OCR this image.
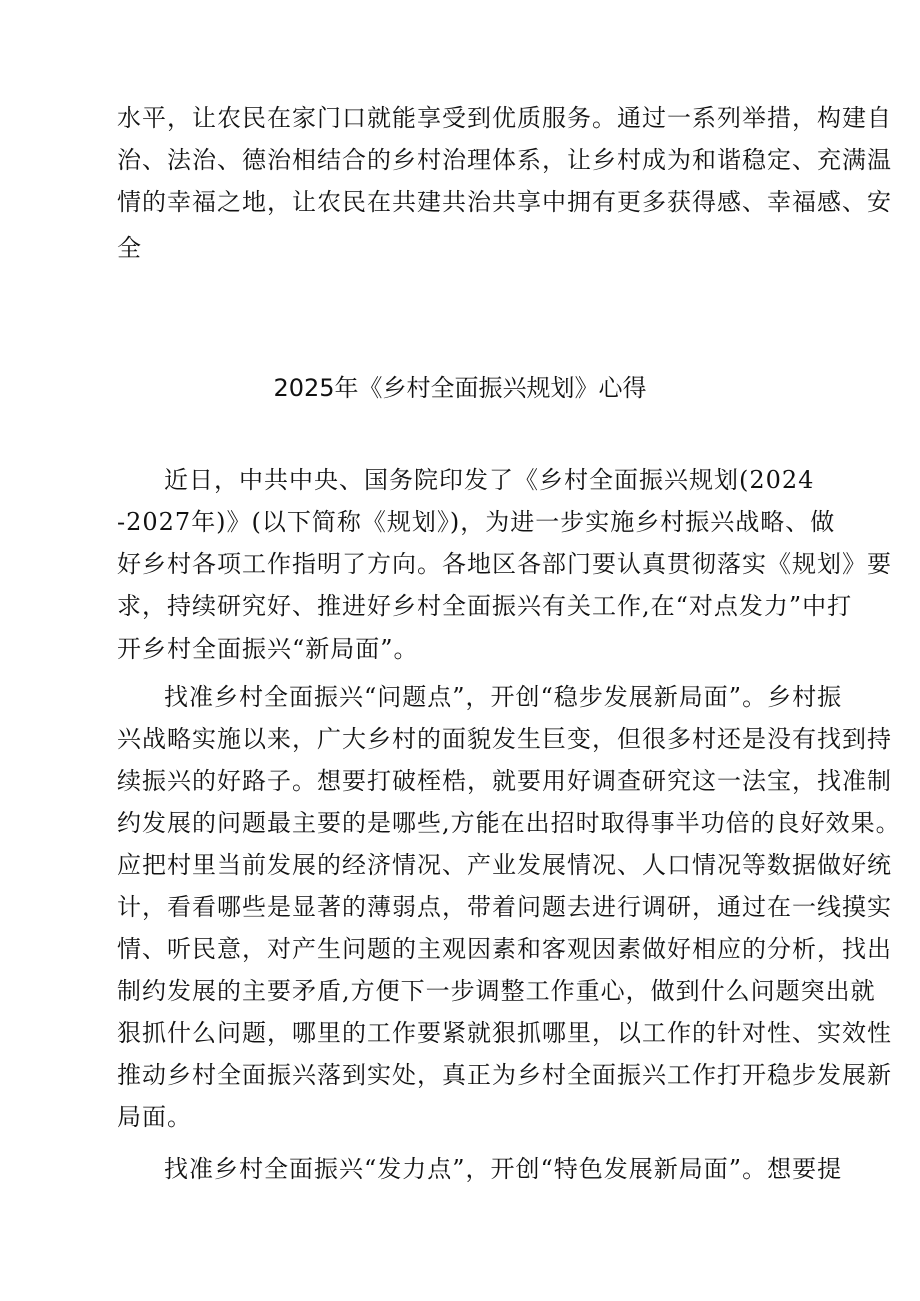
水平，让农民在家门口就能享受到优质服务。通过一系列举措，构建自
治、法治、德治相结合的乡村治理体系，让乡村成为和谐稳定、充满温
情的幸福之地，让农民在共建共治共享中拥有更多获得感、幸福感、安
全
2025年《乡村全面振兴规划》心得
近日，中共中央、国务院印发了《乡村全面振兴规划(2024
-2027年)》(以下简称《规划》)，为进一步实施乡村振兴战略、做
好乡村各项工作指明了方向。各地区各部门要认真贯彻落实《规划》要
求，持续研究好、推进好乡村全面振兴有关工作,在“对点发力”中打
开乡村全面振兴“新局面”。
找准乡村全面振兴“问题点”，开创“稳步发展新局面”。乡村振
兴战略实施以来，广大乡村的面貌发生巨变，但很多村还是没有找到持
续振兴的好路子。想要打破桎梏，就要用好调查研究这一法宝，找准制
约发展的问题最主要的是哪些,方能在出招时取得事半功倍的良好效果。
应把村里当前发展的经济情况、产业发展情况、人口情况等数据做好统
计，看看哪些是显著的薄弱点，带着问题去进行调研，通过在一线摸实
情、听民意，对产生问题的主观因素和客观因素做好相应的分析，找出
制约发展的主要矛盾,方便下一步调整工作重心，做到什么问题突出就
狠抓什么问题，哪里的工作要紧就狠抓哪里，以工作的针对性、实效性
推动乡村全面振兴落到实处，真正为乡村全面振兴工作打开稳步发展新
局面。
找准乡村全面振兴“发力点”，开创“特色发展新局面”。想要提
